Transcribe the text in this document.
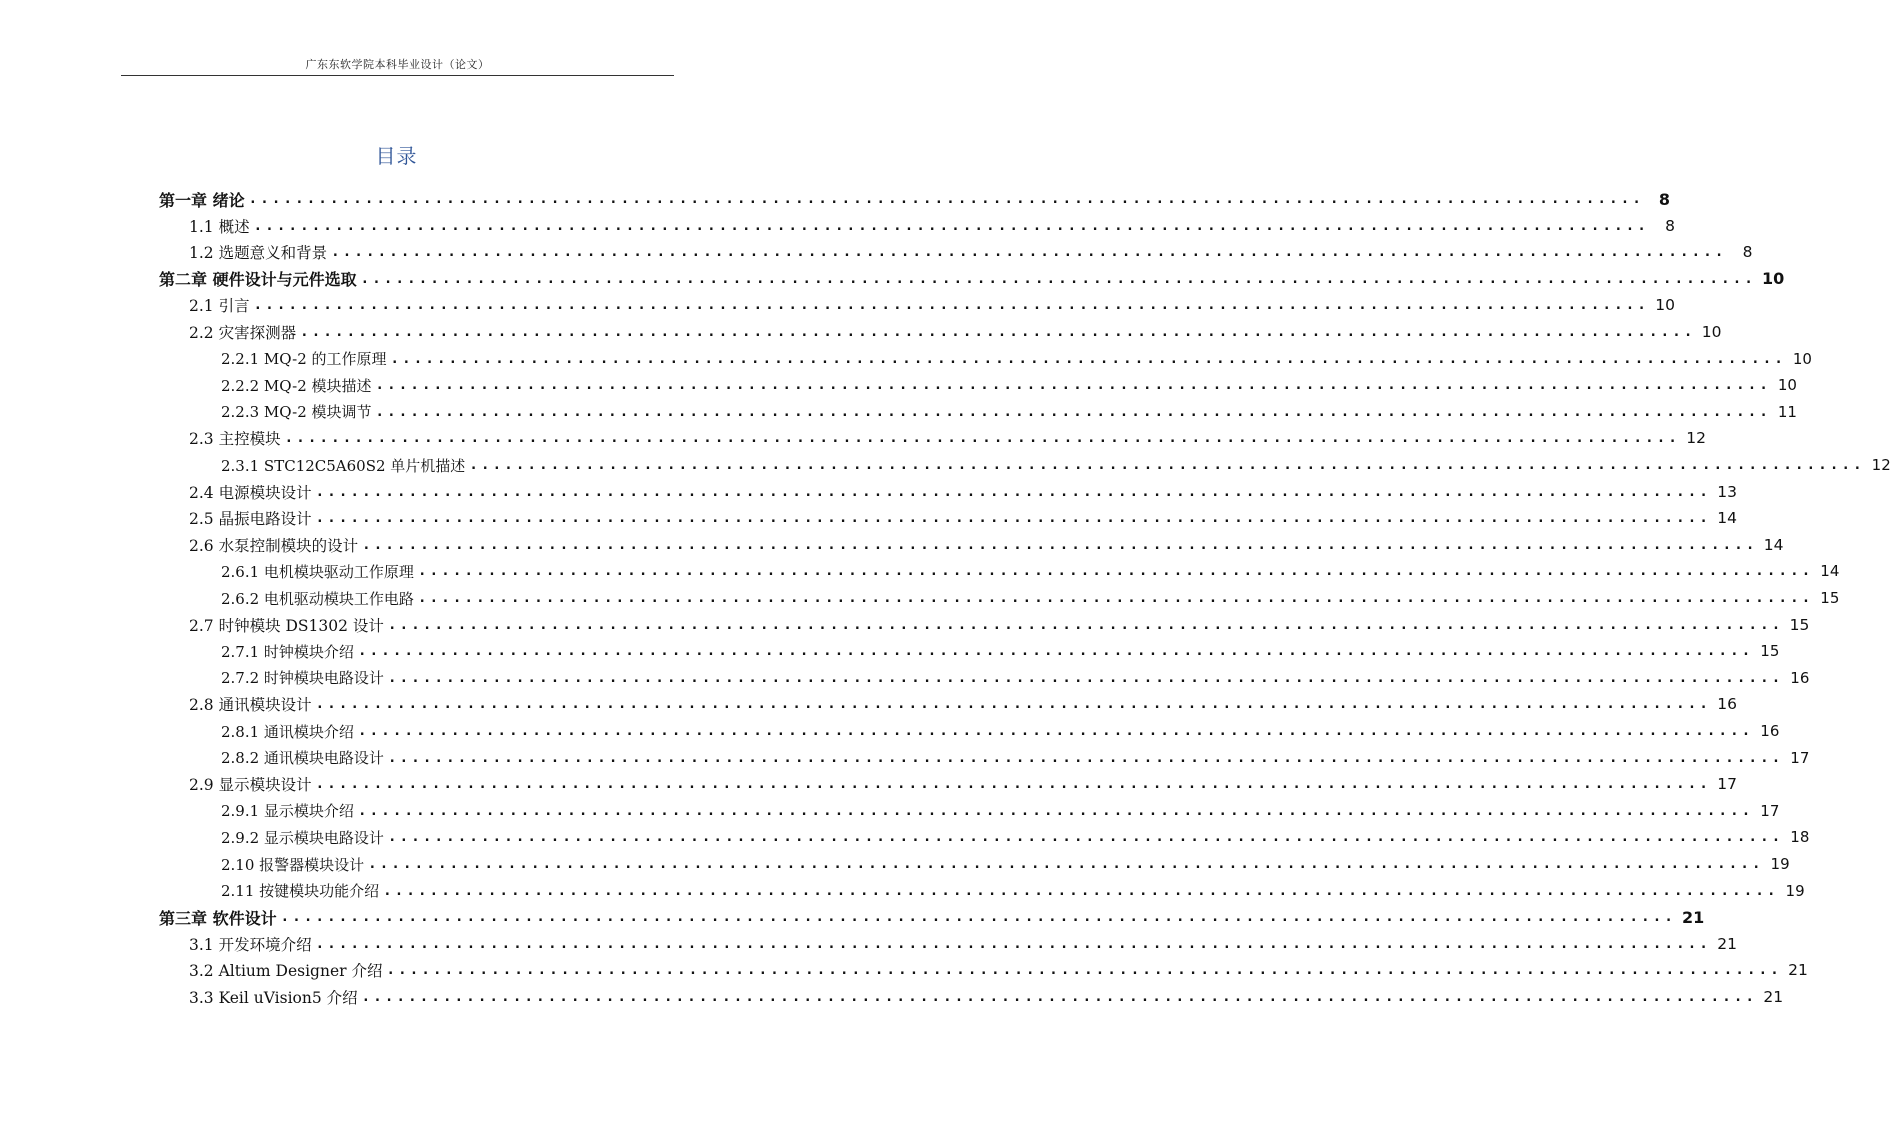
广东东软学院本科毕业设计（论文）
目录
第一章 绪论 ........................................................................................................................ 8
1.1 概述 ........................................................................................................................	8
1.2 选题意义和背景 ........................................................................................................................	8
第二章 硬件设计与元件选取 ........................................................................................................................ 10
2.1 引言 ........................................................................................................................ 10
2.2 灾害探测器 ........................................................................................................................ 10
2.2.1 MQ-2 的工作原理 ........................................................................................................................ 10
2.2.2 MQ-2 模块描述 ........................................................................................................................ 10
2.2.3 MQ-2 模块调节 ........................................................................................................................ 11
2.3 主控模块 ........................................................................................................................ 12
2.3.1 STC12C5A60S2 单片机描述 ........................................................................................................................ 12
2.4 电源模块设计 ........................................................................................................................ 13
2.5 晶振电路设计 ........................................................................................................................ 14
2.6 水泵控制模块的设计 ........................................................................................................................ 14
2.6.1 电机模块驱动工作原理 ........................................................................................................................ 14
2.6.2 电机驱动模块工作电路 ........................................................................................................................ 15
2.7 时钟模块 DS1302 设计 ........................................................................................................................ 15
2.7.1 时钟模块介绍 ........................................................................................................................ 15
2.7.2 时钟模块电路设计 ........................................................................................................................ 16
2.8 通讯模块设计 ........................................................................................................................ 16
2.8.1 通讯模块介绍 ........................................................................................................................ 16
2.8.2 通讯模块电路设计 ........................................................................................................................ 17
2.9 显示模块设计 ........................................................................................................................ 17
2.9.1 显示模块介绍 ........................................................................................................................ 17
2.9.2 显示模块电路设计 ........................................................................................................................ 18
2.10 报警器模块设计 ........................................................................................................................ 19
2.11 按键模块功能介绍 ........................................................................................................................ 19
第三章 软件设计 ........................................................................................................................ 21
3.1 开发环境介绍 ........................................................................................................................ 21
3.2 Altium Designer 介绍 ........................................................................................................................ 21
3.3 Keil uVision5 介绍 ........................................................................................................................ 21
